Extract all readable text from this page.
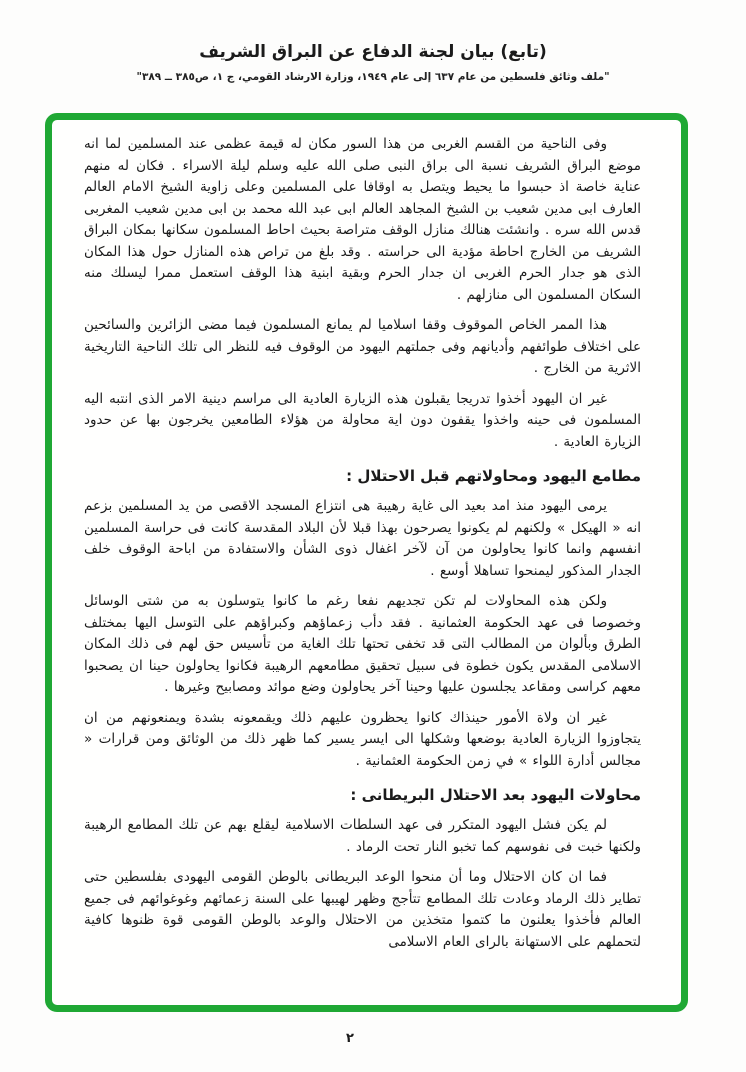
(تابع) بيان لجنة الدفاع عن البراق الشريف
"ملف وثائق فلسطين من عام ٦٣٧ إلى عام ١٩٤٩، وزارة الارشاد القومي، ج ١، ص٣٨٥ ــ ٣٨٩"

وفى الناحية من القسم الغربى من هذا السور مكان له قيمة عظمى عند المسلمين لما انه موضع البراق الشريف نسبة الى براق النبى صلى الله عليه وسلم ليلة الاسراء . فكان له منهم عناية خاصة اذ حبسوا ما يحيط ويتصل به اوقافا على المسلمين وعلى زاوية الشيخ الامام العالم العارف ابى مدين شعيب بن الشيخ المجاهد العالم ابى عبد الله محمد بن ابى مدين شعيب المغربى قدس الله سره . وانشئت هنالك منازل الوقف متراصة بحيث احاط المسلمون سكانها بمكان البراق الشريف من الخارج احاطة مؤدية الى حراسته . وقد بلغ من تراص هذه المنازل حول هذا المكان الذى هو جدار الحرم الغربى ان جدار الحرم وبقية ابنية هذا الوقف استعمل ممرا ليسلك منه السكان المسلمون الى منازلهم .

هذا الممر الخاص الموقوف وقفا اسلاميا لم يمانع المسلمون فيما مضى الزائرين والسائحين على اختلاف طوائفهم وأديانهم وفى جملتهم اليهود من الوقوف فيه للنظر الى تلك الناحية التاريخية الاثرية من الخارج .

غير ان اليهود أخذوا تدريجا يقبلون هذه الزيارة العادية الى مراسم دينية الامر الذى انتبه اليه المسلمون فى حينه واخذوا يقفون دون اية محاولة من هؤلاء الطامعين يخرجون بها عن حدود الزيارة العادية .

مطامع اليهود ومحاولاتهم قبل الاحتلال :

يرمى اليهود منذ امد بعيد الى غاية رهيبة هى انتزاع المسجد الاقصى من يد المسلمين بزعم انه « الهيكل » ولكنهم لم يكونوا يصرحون بهذا قبلا لأن البلاد المقدسة كانت فى حراسة المسلمين انفسهم وانما كانوا يحاولون من آن لآخر اغفال ذوى الشأن والاستفادة من اباحة الوقوف خلف الجدار المذكور ليمنحوا تساهلا أوسع .

ولكن هذه المحاولات لم تكن تجديهم نفعا رغم ما كانوا يتوسلون به من شتى الوسائل وخصوصا فى عهد الحكومة العثمانية . فقد دأب زعماؤهم وكبراؤهم على التوسل اليها بمختلف الطرق وبألوان من المطالب التى قد تخفى تحتها تلك الغاية من تأسيس حق لهم فى ذلك المكان الاسلامى المقدس يكون خطوة فى سبيل تحقيق مطامعهم الرهيبة فكانوا يحاولون حينا ان يصحبوا معهم كراسى ومقاعد يجلسون عليها وحينا آخر يحاولون وضع موائد ومصابيح وغيرها .

غير ان ولاة الأمور حينذاك كانوا يحظرون عليهم ذلك ويقمعونه بشدة ويمنعونهم من ان يتجاوزوا الزيارة العادية بوضعها وشكلها الى ايسر يسير كما ظهر ذلك من الوثائق ومن قرارات « مجالس أدارة اللواء » في زمن الحكومة العثمانية .

محاولات اليهود بعد الاحتلال البريطانى :

لم يكن فشل اليهود المتكرر فى عهد السلطات الاسلامية ليقلع بهم عن تلك المطامع الرهيبة ولكنها خبت فى نفوسهم كما تخبو النار تحت الرماد .

فما ان كان الاحتلال وما أن منحوا الوعد البريطانى بالوطن القومى اليهودى بفلسطين حتى تطاير ذلك الرماد وعادت تلك المطامع تتأجج وظهر لهيبها على السنة زعمائهم وغوغوائهم فى جميع العالم فأخذوا يعلنون ما كتموا متخذين من الاحتلال والوعد بالوطن القومى قوة ظنوها كافية لتحملهم على الاستهانة بالراى العام الاسلامى

٢
